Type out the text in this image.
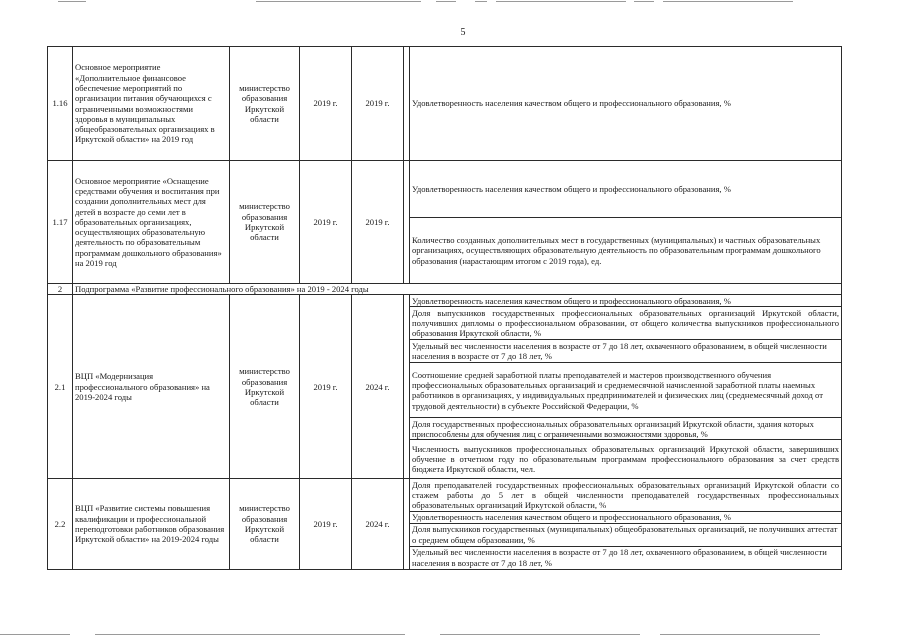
5
1.16	Основное мероприятие «Дополнительное финансовое обеспечение мероприятий по организации питания обучающихся с ограниченными возможностями здоровья в муниципальных общеобразовательных организациях в Иркутской области» на 2019 год	министерство образования Иркутской области	2019 г.	2019 г.		Удовлетворенность населения качеством общего и профессионального образования, %
1.17	Основное мероприятие «Оснащение средствами обучения и воспитания при создании дополнительных мест для детей в возрасте до семи лет в образовательных организациях, осуществляющих образовательную деятельность по образовательным программам дошкольного образования» на 2019 год	министерство образования Иркутской области	2019 г.	2019 г.		Удовлетворенность населения качеством общего и профессионального образования, %
						Количество созданных дополнительных мест в государственных (муниципальных) и частных образовательных организациях, осуществляющих образовательную деятельность по образовательным программам дошкольного образования (нарастающим итогом с 2019 года), ед.
2	Подпрограмма «Развитие профессионального образования» на 2019 - 2024 годы					
2.1	ВЦП «Модернизация профессионального образования» на 2019-2024 годы	министерство образования Иркутской области	2019 г.	2024 г.		Удовлетворенность населения качеством общего и профессионального образования, %
						Доля выпускников государственных профессиональных образовательных организаций Иркутской области, получивших дипломы о профессиональном образовании, от общего количества выпускников профессионального образования Иркутской области, %
						Удельный вес численности населения в возрасте от 7 до 18 лет, охваченного образованием, в общей численности населения в возрасте от 7 до 18 лет, %
						Соотношение средней заработной платы преподавателей и мастеров производственного обучения профессиональных образовательных организаций и среднемесячной начисленной заработной платы наемных работников в организациях, у индивидуальных предпринимателей и физических лиц (среднемесячный доход от трудовой деятельности) в субъекте Российской Федерации, %
						Доля государственных профессиональных образовательных организаций Иркутской области, здания которых приспособлены для обучения лиц с ограниченными возможностями здоровья, %
						Численность выпускников профессиональных образовательных организаций Иркутской области, завершивших обучение в отчетном году по образовательным программам профессионального образования за счет средств бюджета Иркутской области, чел.
2.2	ВЦП «Развитие системы повышения квалификации и профессиональной переподготовки работников образования Иркутской области» на 2019-2024 годы	министерство образования Иркутской области	2019 г.	2024 г.		Доля преподавателей государственных профессиональных образовательных организаций Иркутской области со стажем работы до 5 лет в общей численности преподавателей государственных профессиональных образовательных организаций Иркутской области, %
						Удовлетворенность населения качеством общего и профессионального образования, %
						Доля выпускников государственных (муниципальных) общеобразовательных организаций, не получивших аттестат о среднем общем образовании, %
						Удельный вес численности населения в возрасте от 7 до 18 лет, охваченного образованием, в общей численности населения в возрасте от 7 до 18 лет, %
